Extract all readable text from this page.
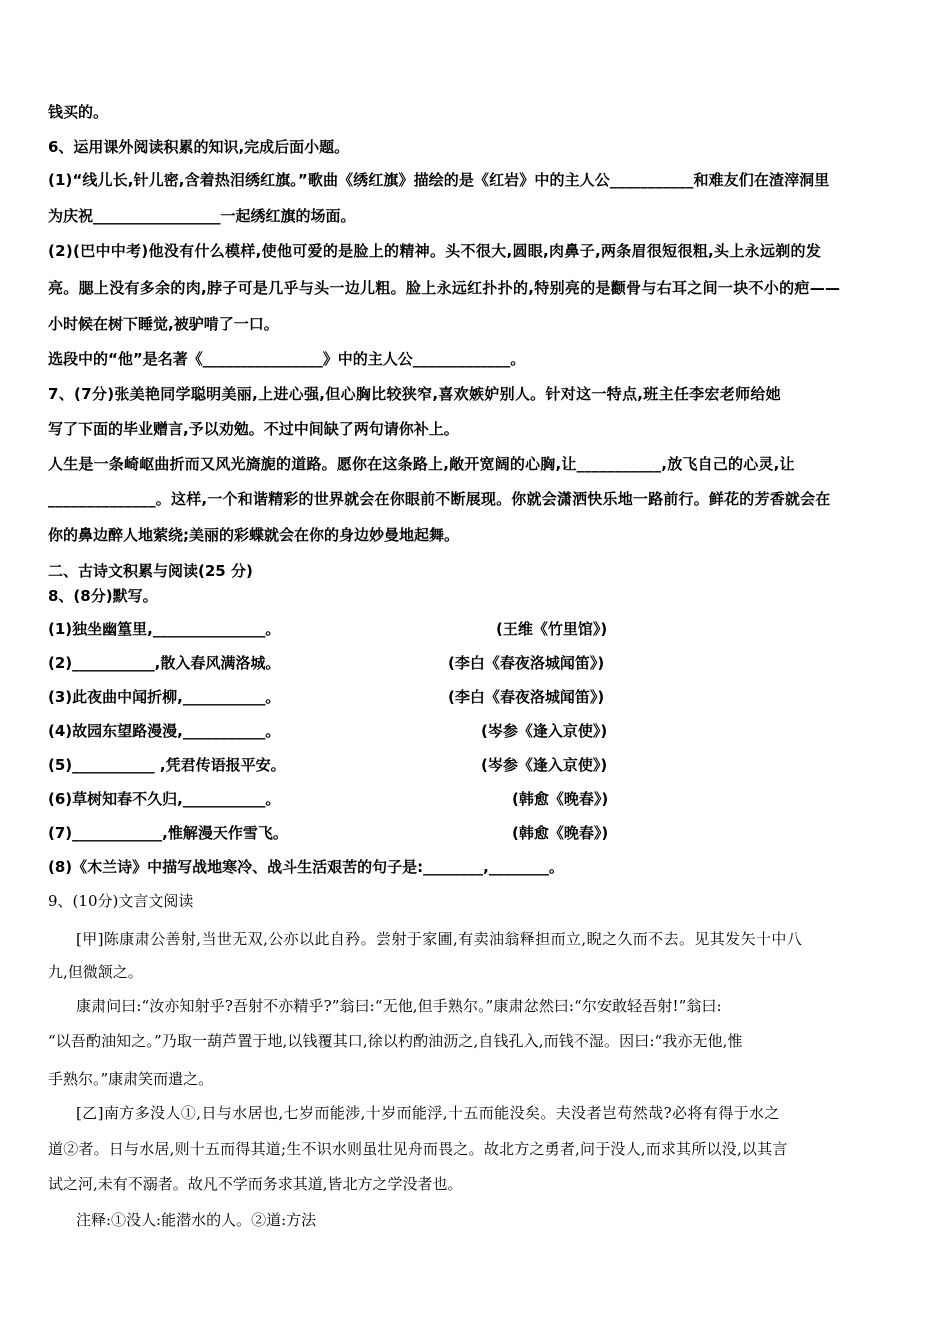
钱买的。

6、运用课外阅读积累的知识,完成后面小题。

(1)“线儿长,针儿密,含着热泪绣红旗。”歌曲《绣红旗》描绘的是《红岩》中的主人公___________和难友们在渣滓洞里

为庆祝_________________一起绣红旗的场面。

(2)(巴中中考)他没有什么模样,使他可爱的是脸上的精神。头不很大,圆眼,肉鼻子,两条眉很短很粗,头上永远剃的发

亮。腮上没有多余的肉,脖子可是几乎与头一边儿粗。脸上永远红扑扑的,特别亮的是颧骨与右耳之间一块不小的疤——

小时候在树下睡觉,被驴啃了一口。

选段中的“他”是名著《________________》中的主人公_____________。

7、(7分)张美艳同学聪明美丽,上进心强,但心胸比较狭窄,喜欢嫉妒别人。针对这一特点,班主任李宏老师给她

写了下面的毕业赠言,予以劝勉。不过中间缺了两句请你补上。

人生是一条崎岖曲折而又风光旖旎的道路。愿你在这条路上,敞开宽阔的心胸,让___________,放飞自己的心灵,让

______________。这样,一个和谐精彩的世界就会在你眼前不断展现。你就会潇洒快乐地一路前行。鲜花的芳香就会在

你的鼻边醉人地萦绕;美丽的彩蝶就会在你的身边妙曼地起舞。

二、古诗文积累与阅读(25 分)

8、(8分)默写。

(1)独坐幽篁里,_______________。	(王维《竹里馆》)

(2)___________,散入春风满洛城。	(李白《春夜洛城闻笛》)

(3)此夜曲中闻折柳,___________。	(李白《春夜洛城闻笛》)

(4)故园东望路漫漫,___________。	(岑参《逢入京使》)

(5)___________ ,凭君传语报平安。	(岑参《逢入京使》)

(6)草树知春不久归,___________。	(韩愈《晚春》)

(7)____________,惟解漫天作雪飞。	(韩愈《晚春》)

(8)《木兰诗》中描写战地寒冷、战斗生活艰苦的句子是:________,________。

9、(10分)文言文阅读

[甲]陈康肃公善射,当世无双,公亦以此自矜。尝射于家圃,有卖油翁释担而立,睨之久而不去。见其发矢十中八

九,但微颔之。

康肃问曰:“汝亦知射乎?吾射不亦精乎?”翁曰:“无他,但手熟尔。”康肃忿然曰:“尔安敢轻吾射!”翁曰:

“以吾酌油知之。”乃取一葫芦置于地,以钱覆其口,徐以杓酌油沥之,自钱孔入,而钱不湿。因曰:“我亦无他,惟

手熟尔。”康肃笑而遣之。

[乙]南方多没人①,日与水居也,七岁而能涉,十岁而能浮,十五而能没矣。夫没者岂苟然哉?必将有得于水之

道②者。日与水居,则十五而得其道;生不识水则虽壮见舟而畏之。故北方之勇者,问于没人,而求其所以没,以其言

试之河,未有不溺者。故凡不学而务求其道,皆北方之学没者也。

注释:①没人:能潜水的人。②道:方法
